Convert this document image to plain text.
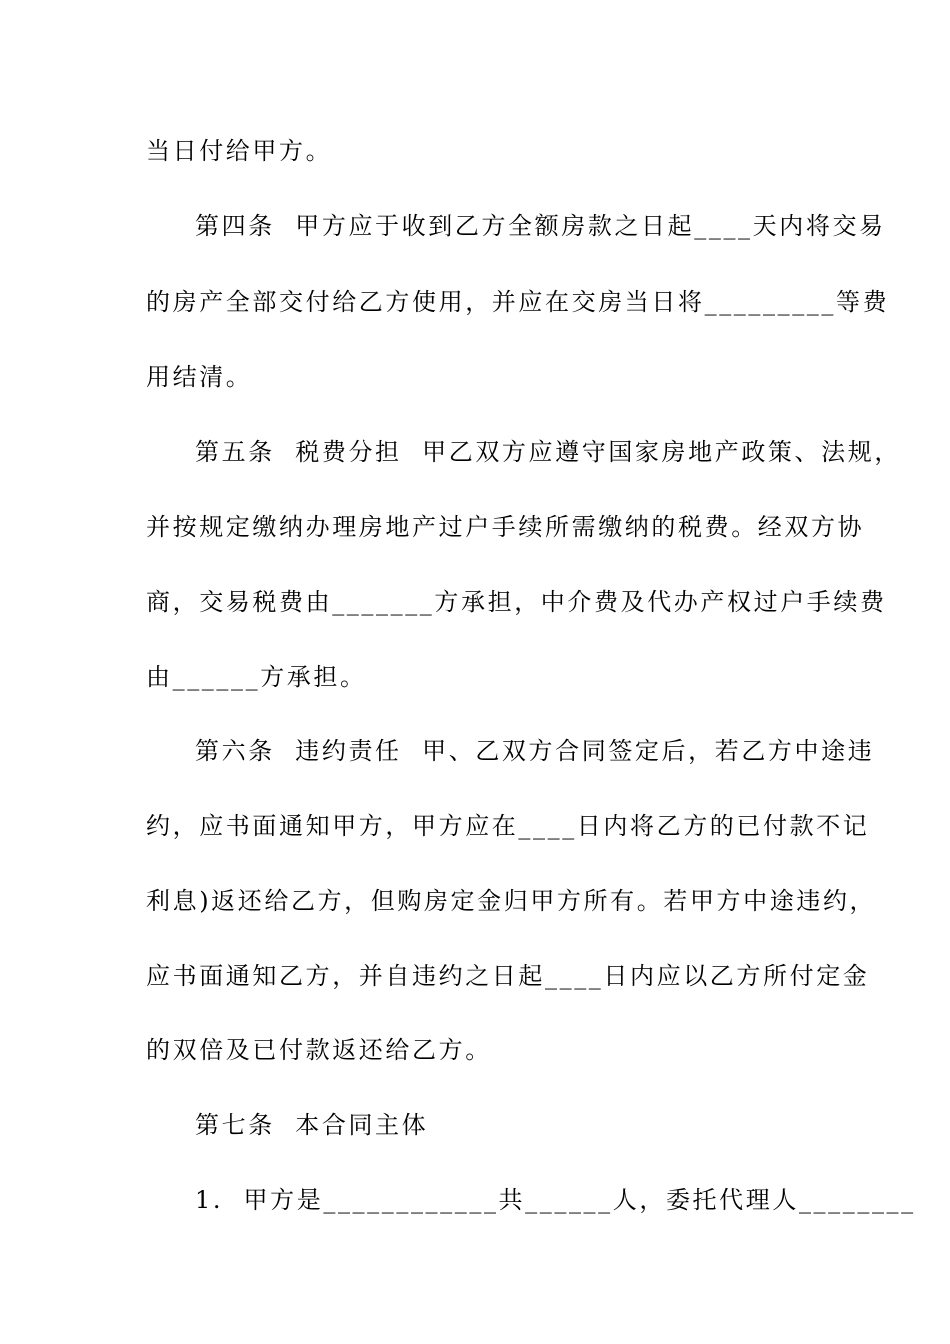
当日付给甲方。
第四条  甲方应于收到乙方全额房款之日起____天内将交易
的房产全部交付给乙方使用，并应在交房当日将_________等费
用结清。
第五条  税费分担  甲乙双方应遵守国家房地产政策、法规，
并按规定缴纳办理房地产过户手续所需缴纳的税费。经双方协
商，交易税费由_______方承担，中介费及代办产权过户手续费
由______方承担。
第六条  违约责任  甲、乙双方合同签定后，若乙方中途违
约，应书面通知甲方，甲方应在____日内将乙方的已付款不记
利息)返还给乙方，但购房定金归甲方所有。若甲方中途违约，
应书面通知乙方，并自违约之日起____日内应以乙方所付定金
的双倍及已付款返还给乙方。
第七条  本合同主体
1.  甲方是____________共______人，委托代理人________
